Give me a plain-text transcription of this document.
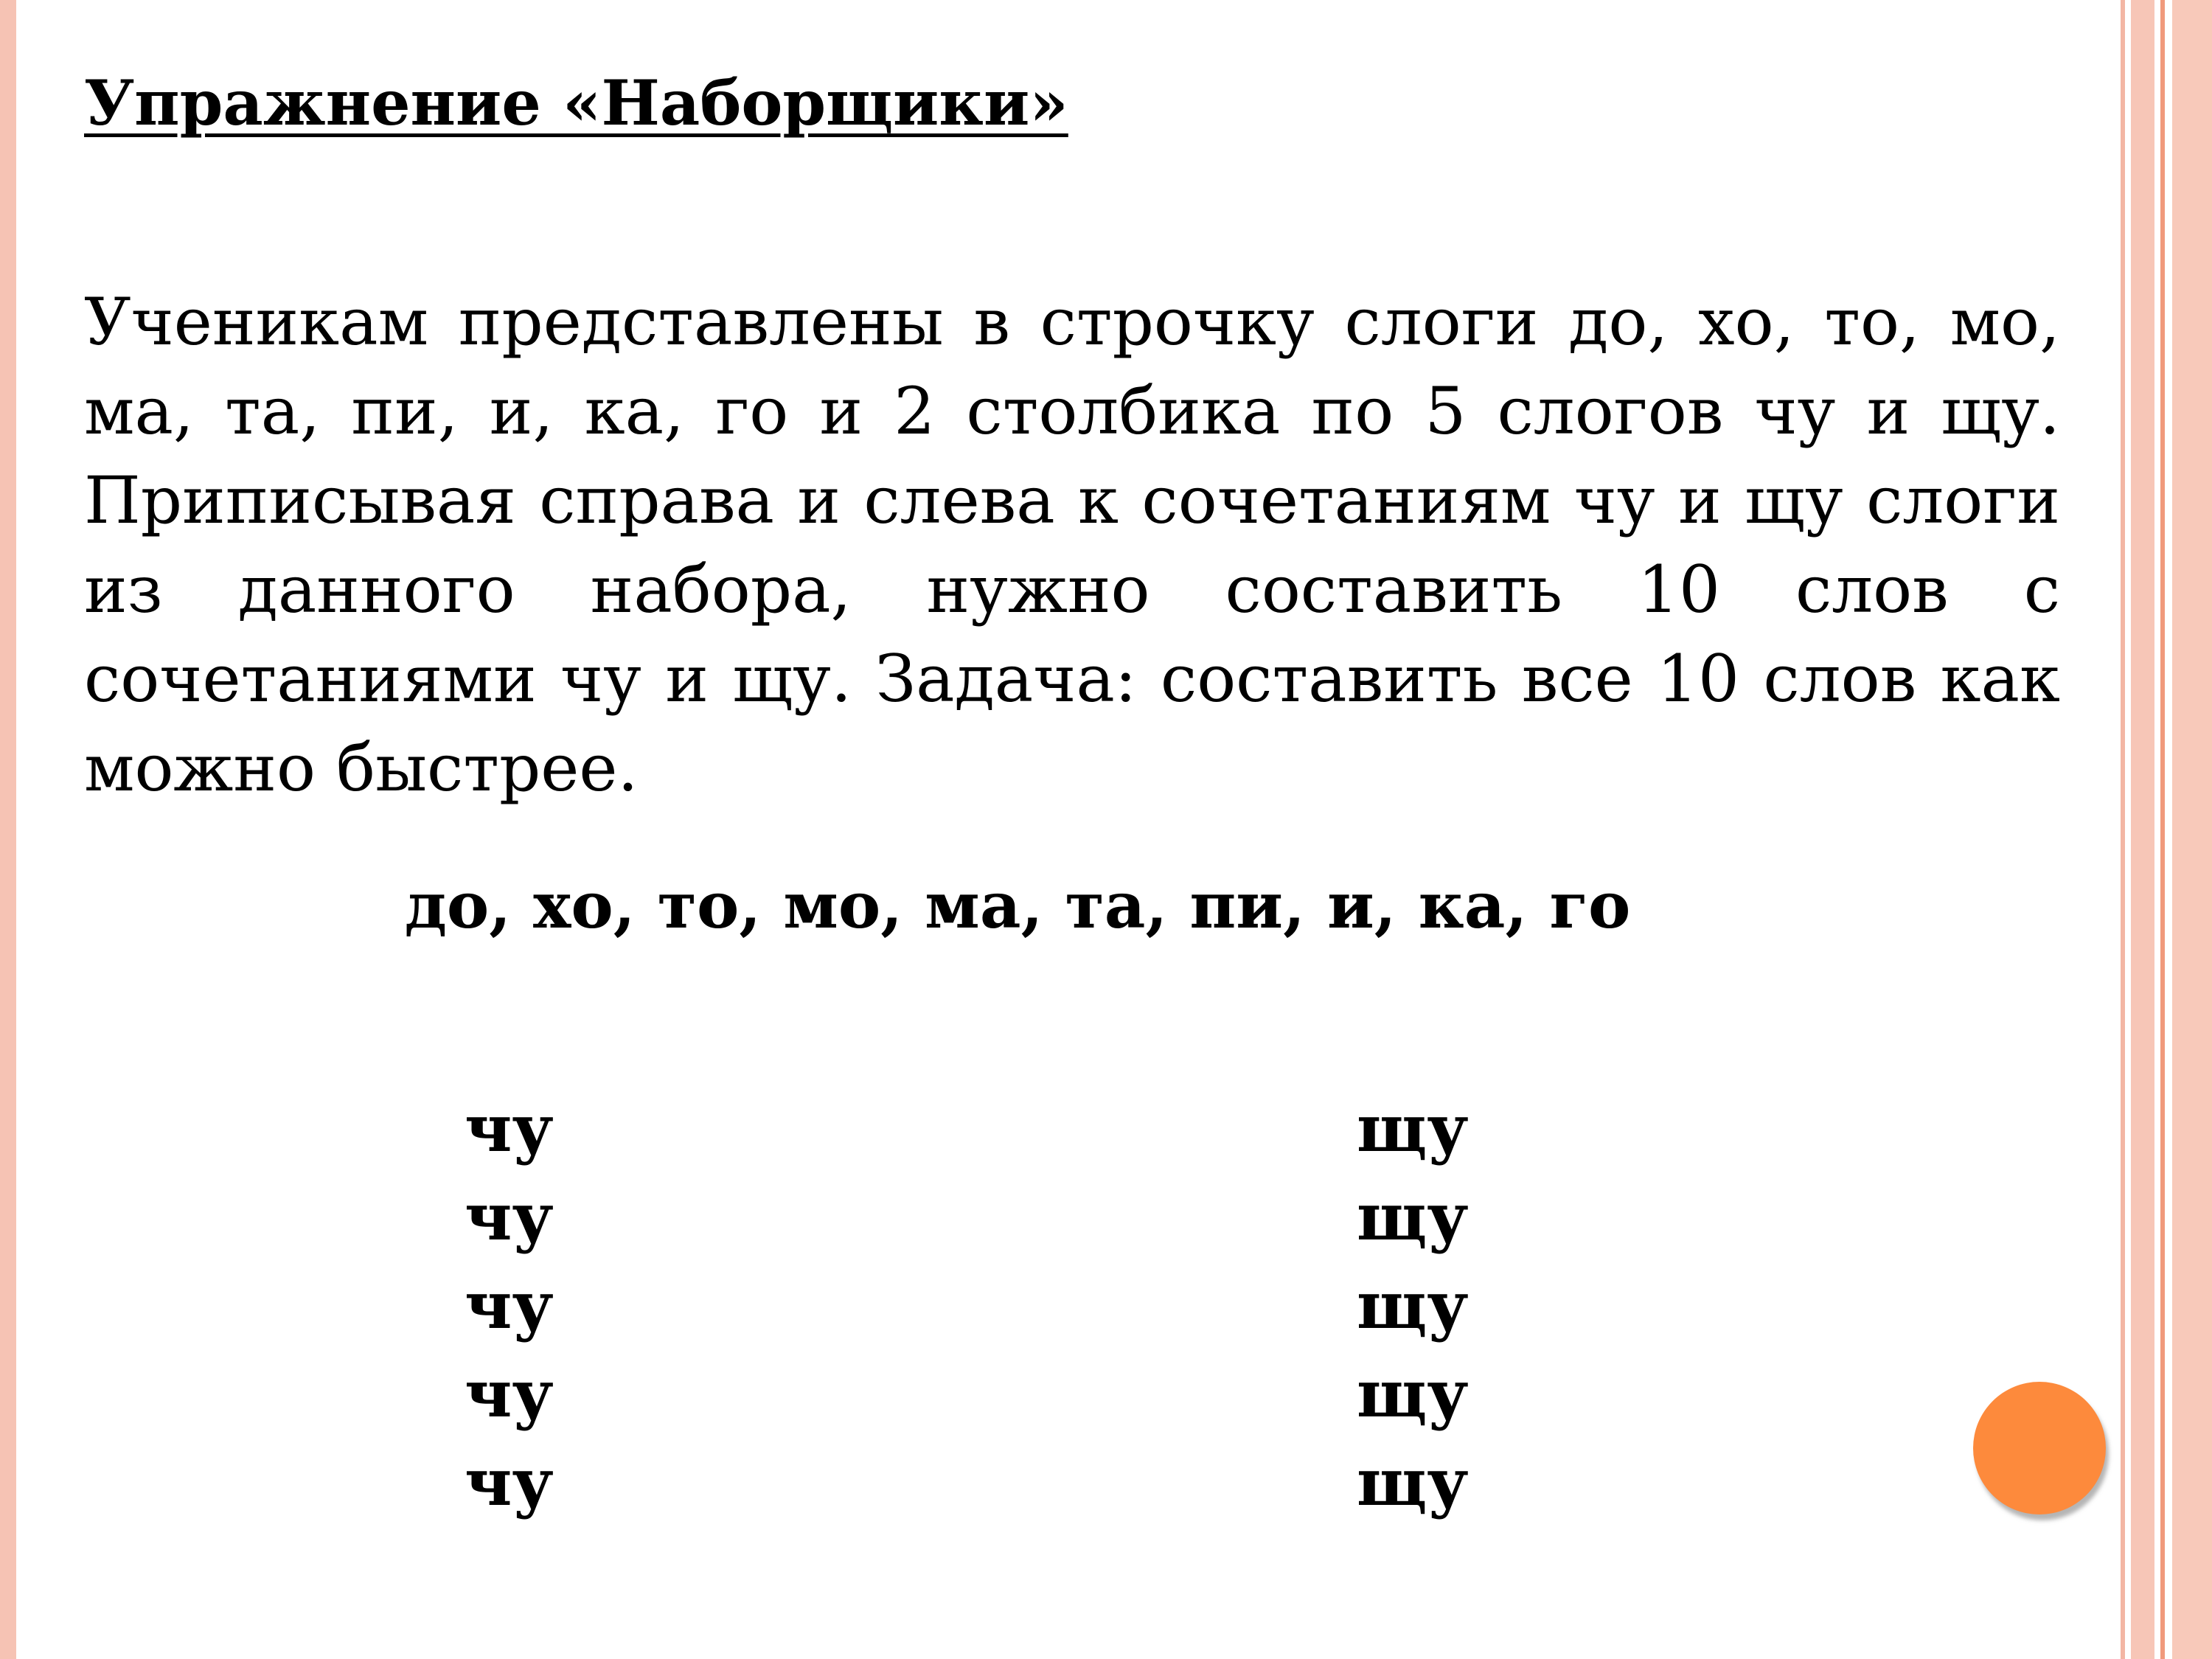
Упражнение «Наборщики»

Ученикам представлены в строчку слоги до, хо, то, мо, ма, та, пи, и, ка, го и 2 столбика по 5 слогов чу и щу. Приписывая справа и слева к сочетаниям чу и щу слоги из данного набора, нужно составить 10 слов с сочетаниями чу и щу. Задача: составить все 10 слов как можно быстрее.

до, хо, то, мо, ма, та, пи, и, ка, го
чу
чу
чу
чу
чу
щу
щу
щу
щу
щу
